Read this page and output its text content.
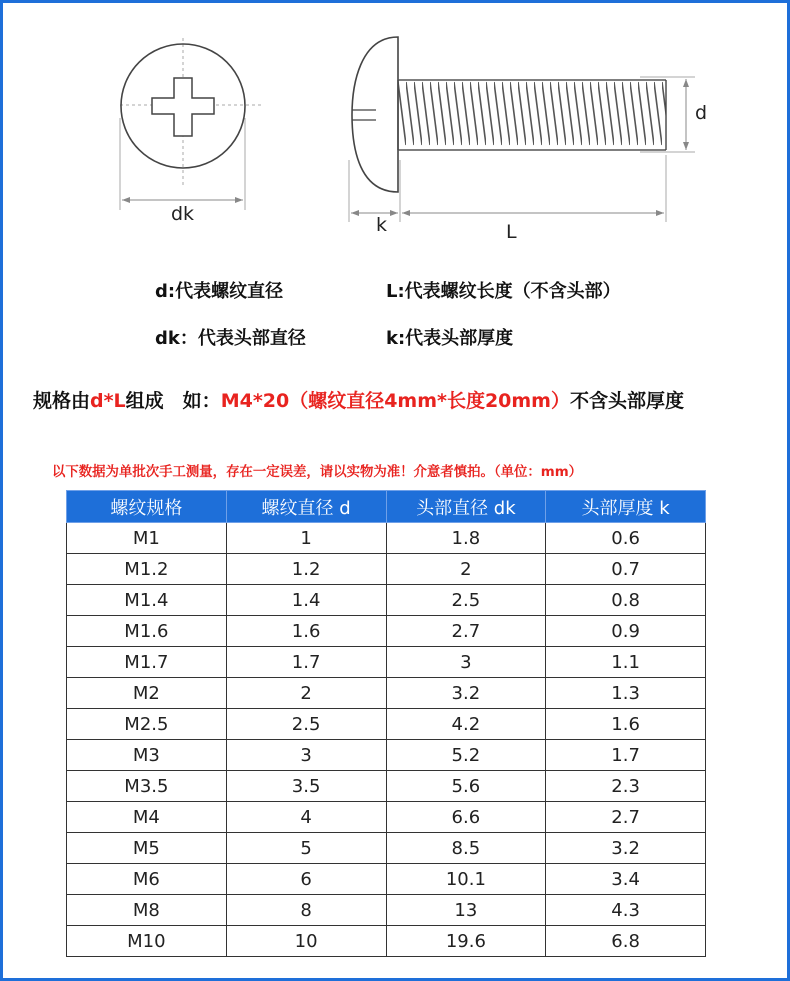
dk
d
k	L
d:代表螺纹直径	L:代表螺纹长度（不含头部）
dk：代表头部直径	k:代表头部厚度
规格由d*L组成　如：M4*20（螺纹直径4mm*长度20mm）不含头部厚度
以下数据为单批次手工测量，存在一定误差，请以实物为准！介意者慎拍。（单位：mm）
螺纹规格	螺纹直径 d	头部直径 dk	头部厚度 k
M1	1	1.8	0.6
M1.2	1.2	2	0.7
M1.4	1.4	2.5	0.8
M1.6	1.6	2.7	0.9
M1.7	1.7	3	1.1
M2	2	3.2	1.3
M2.5	2.5	4.2	1.6
M3	3	5.2	1.7
M3.5	3.5	5.6	2.3
M4	4	6.6	2.7
M5	5	8.5	3.2
M6	6	10.1	3.4
M8	8	13	4.3
M10	10	19.6	6.8
